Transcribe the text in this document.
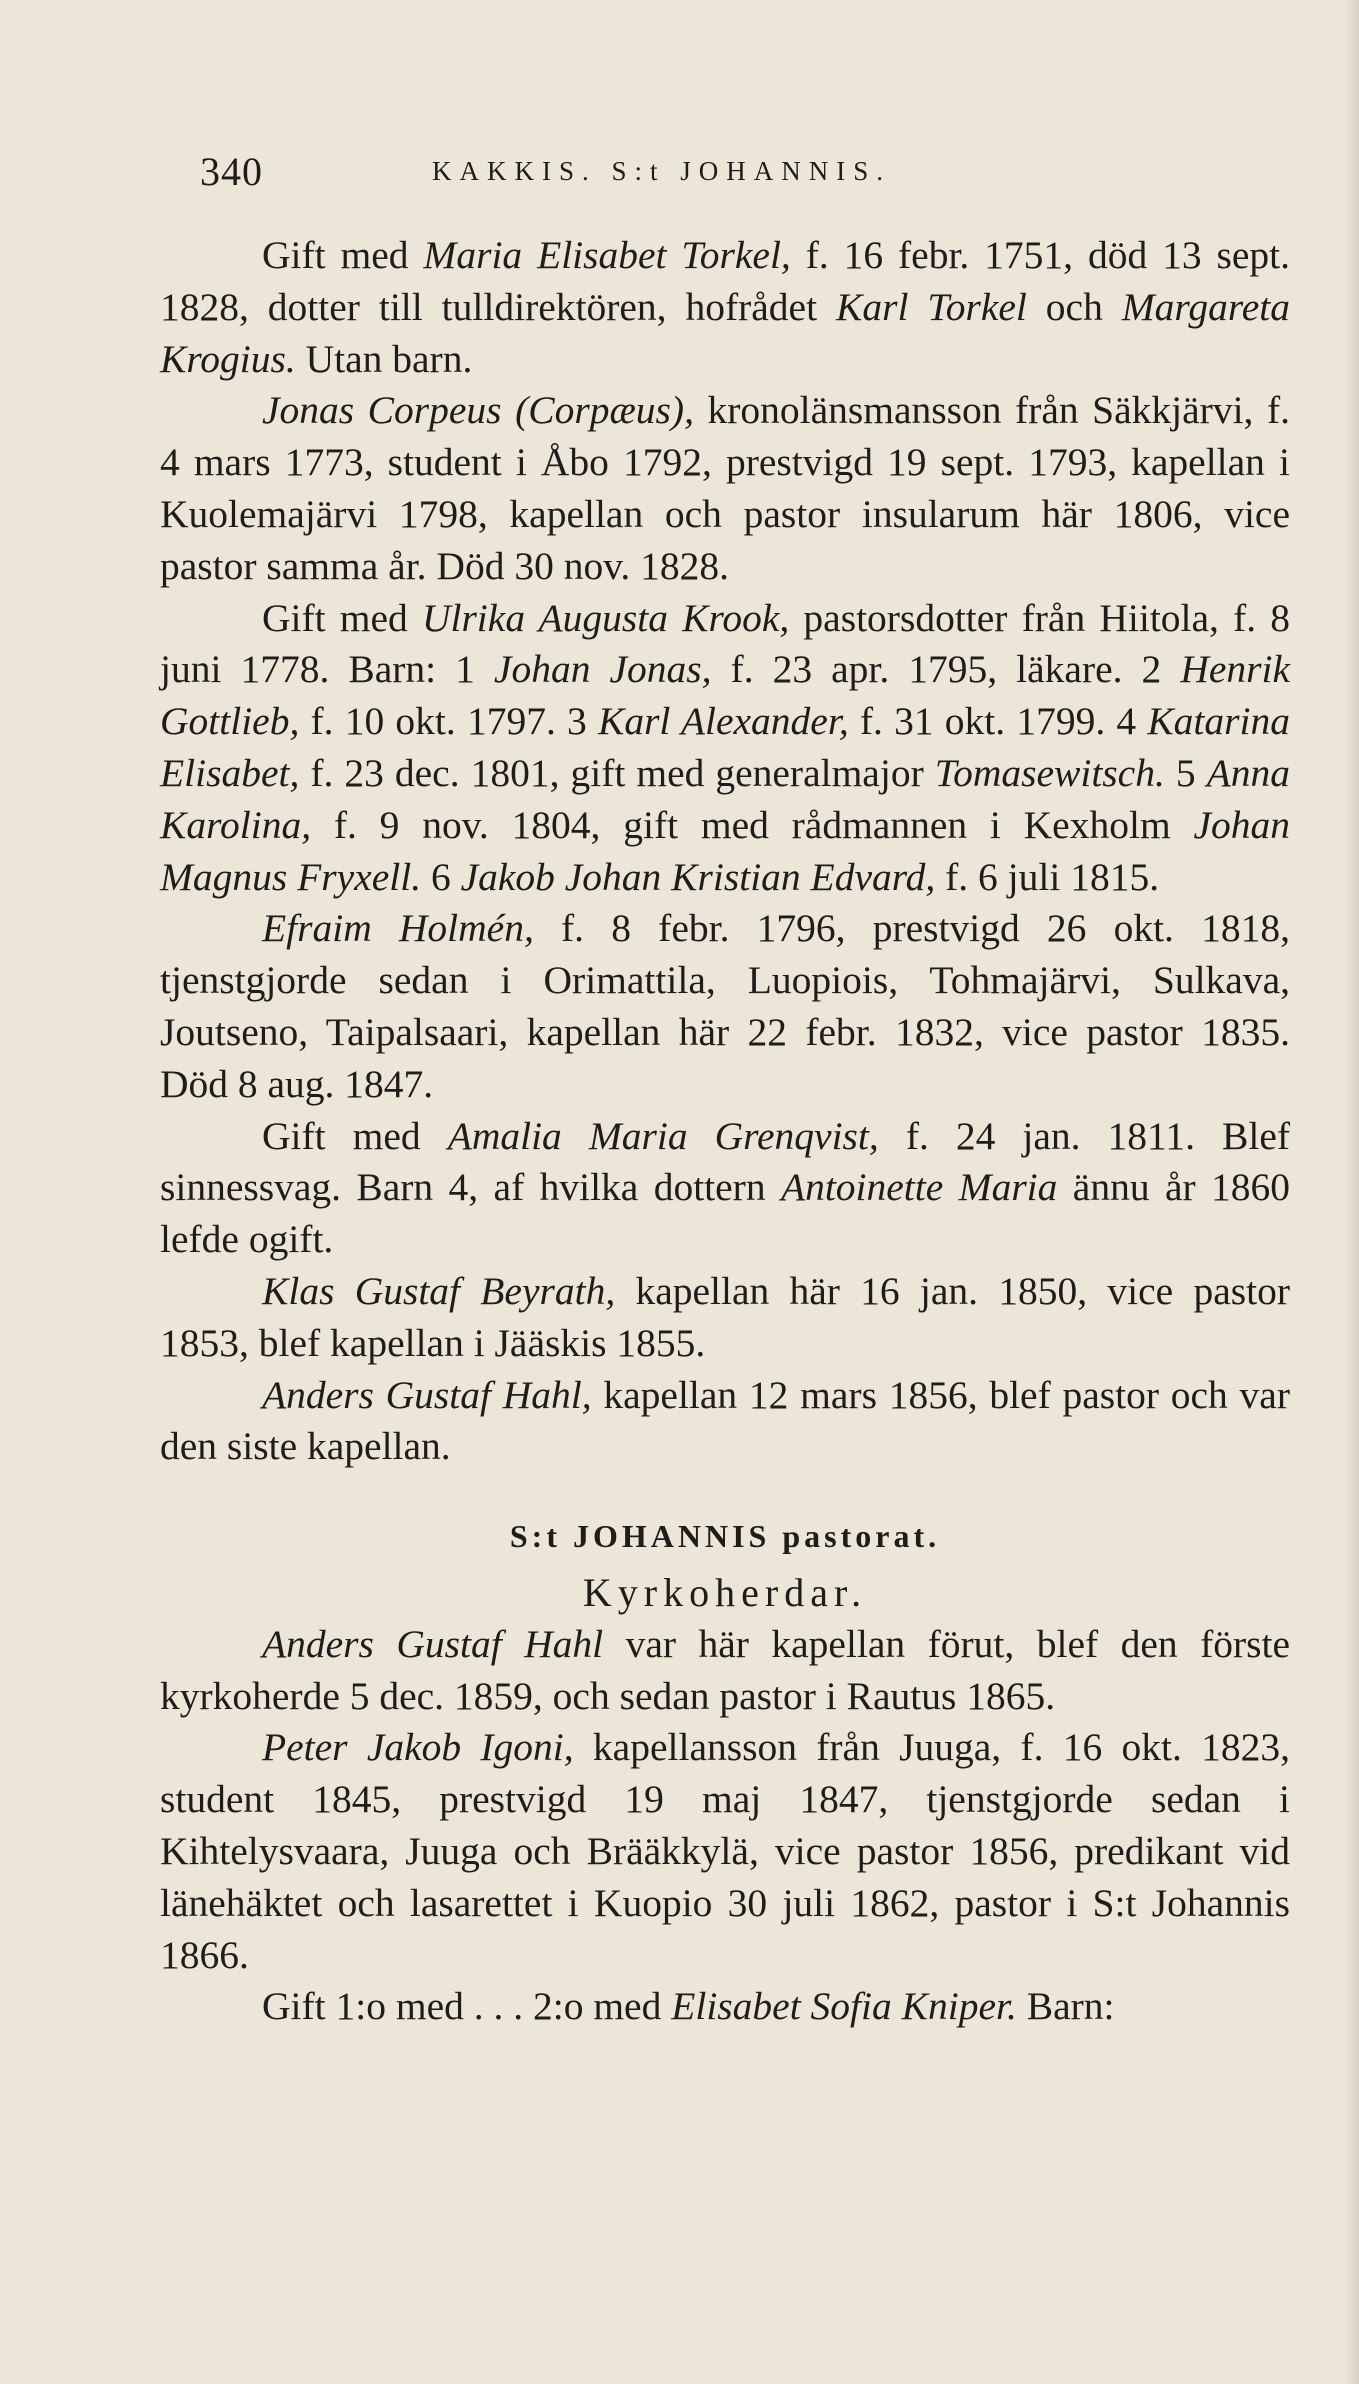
340	KAKKIS. S:t JOHANNIS.

Gift med Maria Elisabet Torkel, f. 16 febr. 1751, död 13 sept. 1828, dotter till tulldirektören, hofrådet Karl Torkel och Margareta Krogius. Utan barn.

Jonas Corpeus (Corpæus), kronolänsmansson från Säkkjärvi, f. 4 mars 1773, student i Åbo 1792, prestvigd 19 sept. 1793, kapellan i Kuolemajärvi 1798, kapellan och pastor insularum här 1806, vice pastor samma år. Död 30 nov. 1828.

Gift med Ulrika Augusta Krook, pastorsdotter från Hiitola, f. 8 juni 1778. Barn: 1 Johan Jonas, f. 23 apr. 1795, läkare. 2 Henrik Gottlieb, f. 10 okt. 1797. 3 Karl Alexander, f. 31 okt. 1799. 4 Katarina Elisabet, f. 23 dec. 1801, gift med generalmajor Tomasewitsch. 5 Anna Karolina, f. 9 nov. 1804, gift med rådmannen i Kexholm Johan Magnus Fryxell. 6 Jakob Johan Kristian Edvard, f. 6 juli 1815.

Efraim Holmén, f. 8 febr. 1796, prestvigd 26 okt. 1818, tjenstgjorde sedan i Orimattila, Luopiois, Tohmajärvi, Sulkava, Joutseno, Taipalsaari, kapellan här 22 febr. 1832, vice pastor 1835. Död 8 aug. 1847.

Gift med Amalia Maria Grenqvist, f. 24 jan. 1811. Blef sinnessvag. Barn 4, af hvilka dottern Antoinette Maria ännu år 1860 lefde ogift.

Klas Gustaf Beyrath, kapellan här 16 jan. 1850, vice pastor 1853, blef kapellan i Jääskis 1855.

Anders Gustaf Hahl, kapellan 12 mars 1856, blef pastor och var den siste kapellan.

S:t JOHANNIS pastorat.

Kyrkoherdar.

Anders Gustaf Hahl var här kapellan förut, blef den förste kyrkoherde 5 dec. 1859, och sedan pastor i Rautus 1865.

Peter Jakob Igoni, kapellansson från Juuga, f. 16 okt. 1823, student 1845, prestvigd 19 maj 1847, tjenstgjorde sedan i Kihtelysvaara, Juuga och Brääkkylä, vice pastor 1856, predikant vid länehäktet och lasarettet i Kuopio 30 juli 1862, pastor i S:t Johannis 1866.

Gift 1:o med . . . 2:o med Elisabet Sofia Kniper. Barn:
